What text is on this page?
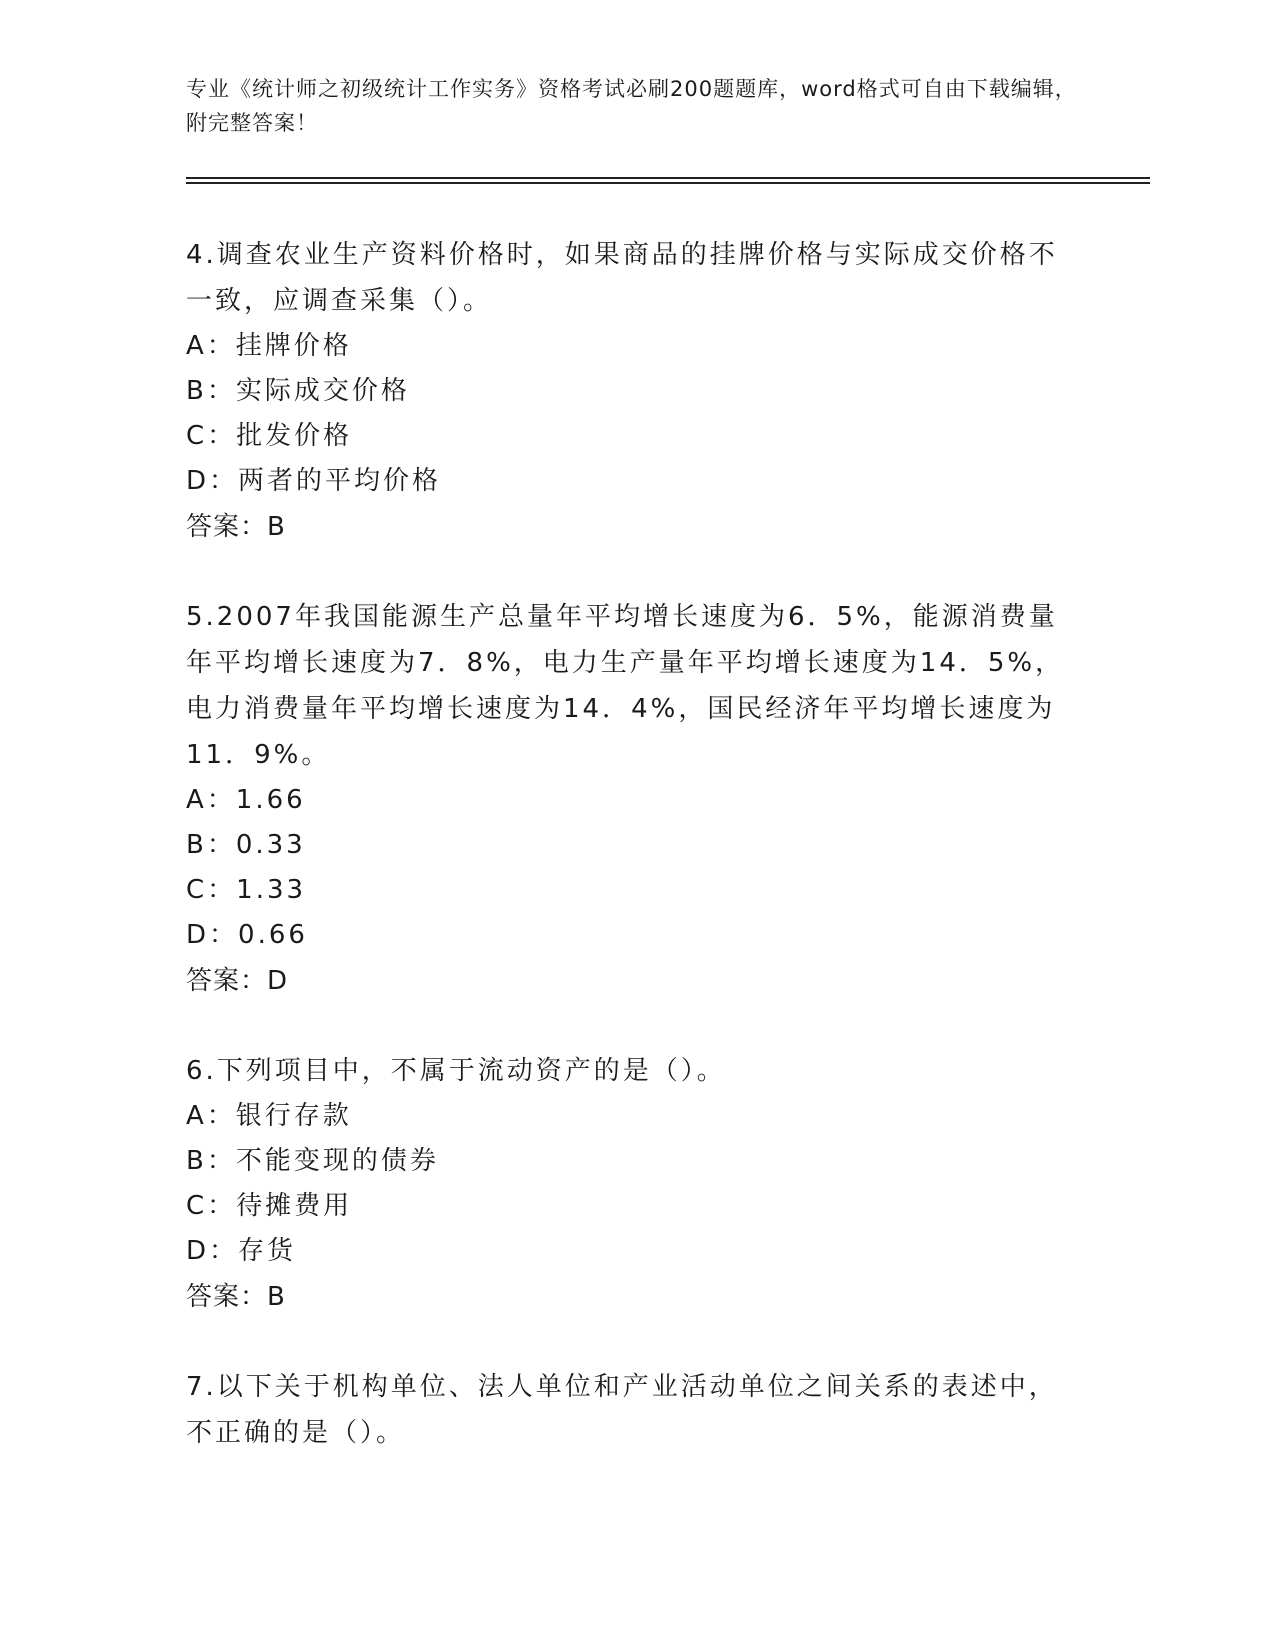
专业《统计师之初级统计工作实务》资格考试必刷200题题库，word格式可自由下载编辑，附完整答案！
4.调查农业生产资料价格时，如果商品的挂牌价格与实际成交价格不一致，应调查采集（）。
A：挂牌价格
B：实际成交价格
C：批发价格
D：两者的平均价格
答案：B
5.2007年我国能源生产总量年平均增长速度为6．5%，能源消费量年平均增长速度为7．8%，电力生产量年平均增长速度为14．5%，电力消费量年平均增长速度为14．4%，国民经济年平均增长速度为11．9%。
A：1.66
B：0.33
C：1.33
D：0.66
答案：D
6.下列项目中，不属于流动资产的是（）。
A：银行存款
B：不能变现的债券
C：待摊费用
D：存货
答案：B
7.以下关于机构单位、法人单位和产业活动单位之间关系的表述中，不正确的是（）。
